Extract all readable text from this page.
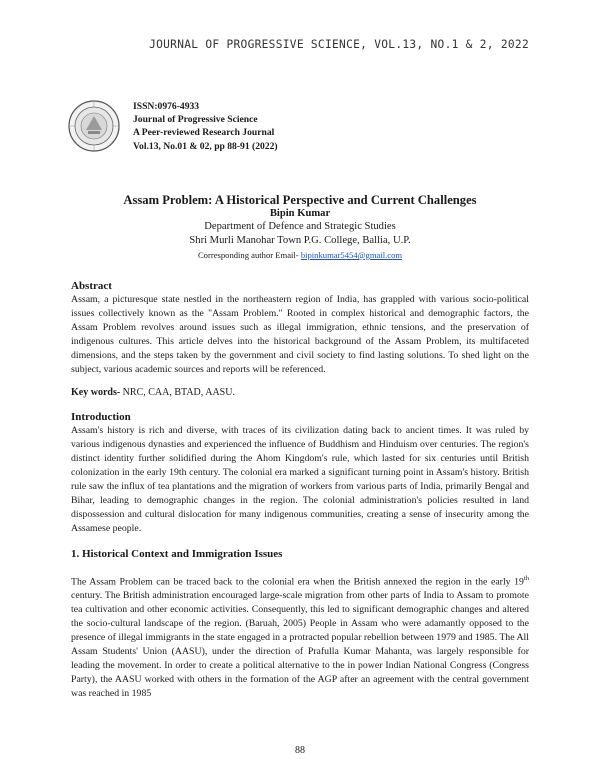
JOURNAL OF PROGRESSIVE SCIENCE, VOL.13, NO.1 & 2, 2022
ISSN:0976-4933
Journal of Progressive Science
A Peer-reviewed Research Journal
Vol.13, No.01 & 02, pp 88-91 (2022)
Assam Problem: A Historical Perspective and Current Challenges
Bipin Kumar
Department of Defence and Strategic Studies
Shri Murli Manohar Town P.G. College, Ballia, U.P.
Corresponding author Email- bipinkumar5454@gmail.com
Abstract
Assam, a picturesque state nestled in the northeastern region of India, has grappled with various socio-political issues collectively known as the "Assam Problem." Rooted in complex historical and demographic factors, the Assam Problem revolves around issues such as illegal immigration, ethnic tensions, and the preservation of indigenous cultures. This article delves into the historical background of the Assam Problem, its multifaceted dimensions, and the steps taken by the government and civil society to find lasting solutions. To shed light on the subject, various academic sources and reports will be referenced.
Key words- NRC, CAA, BTAD, AASU.
Introduction
Assam's history is rich and diverse, with traces of its civilization dating back to ancient times. It was ruled by various indigenous dynasties and experienced the influence of Buddhism and Hinduism over centuries. The region's distinct identity further solidified during the Ahom Kingdom's rule, which lasted for six centuries until British colonization in the early 19th century. The colonial era marked a significant turning point in Assam's history. British rule saw the influx of tea plantations and the migration of workers from various parts of India, primarily Bengal and Bihar, leading to demographic changes in the region. The colonial administration's policies resulted in land dispossession and cultural dislocation for many indigenous communities, creating a sense of insecurity among the Assamese people.
1. Historical Context and Immigration Issues
The Assam Problem can be traced back to the colonial era when the British annexed the region in the early 19th century. The British administration encouraged large-scale migration from other parts of India to Assam to promote tea cultivation and other economic activities. Consequently, this led to significant demographic changes and altered the socio-cultural landscape of the region. (Baruah, 2005) People in Assam who were adamantly opposed to the presence of illegal immigrants in the state engaged in a protracted popular rebellion between 1979 and 1985. The All Assam Students' Union (AASU), under the direction of Prafulla Kumar Mahanta, was largely responsible for leading the movement. In order to create a political alternative to the in power Indian National Congress (Congress Party), the AASU worked with others in the formation of the AGP after an agreement with the central government was reached in 1985
88
